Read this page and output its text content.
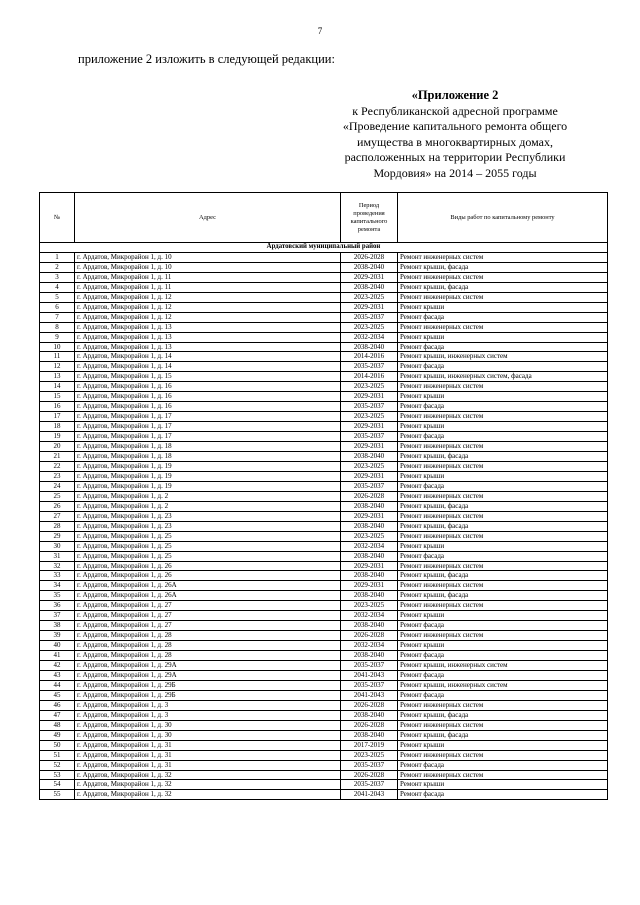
7
приложение 2 изложить в следующей редакции:
«Приложение 2
к Республиканской адресной программе
«Проведение капитального ремонта общего
имущества в многоквартирных домах,
расположенных на территории Республики
Мордовия» на 2014 – 2055 годы
№	Адрес	Период
проведения
капитального
ремонта	Виды работ по капитальному ремонту
Ардатовский муниципальный район			
1	г. Ардатов, Микрорайон 1, д. 10	2026-2028	Ремонт инженерных систем
2	г. Ардатов, Микрорайон 1, д. 10	2038-2040	Ремонт крыши, фасада
3	г. Ардатов, Микрорайон 1, д. 11	2029-2031	Ремонт инженерных систем
4	г. Ардатов, Микрорайон 1, д. 11	2038-2040	Ремонт крыши, фасада
5	г. Ардатов, Микрорайон 1, д. 12	2023-2025	Ремонт инженерных систем
6	г. Ардатов, Микрорайон 1, д. 12	2029-2031	Ремонт крыши
7	г. Ардатов, Микрорайон 1, д. 12	2035-2037	Ремонт фасада
8	г. Ардатов, Микрорайон 1, д. 13	2023-2025	Ремонт инженерных систем
9	г. Ардатов, Микрорайон 1, д. 13	2032-2034	Ремонт крыши
10	г. Ардатов, Микрорайон 1, д. 13	2038-2040	Ремонт фасада
11	г. Ардатов, Микрорайон 1, д. 14	2014-2016	Ремонт крыши, инженерных систем
12	г. Ардатов, Микрорайон 1, д. 14	2035-2037	Ремонт фасада
13	г. Ардатов, Микрорайон 1, д. 15	2014-2016	Ремонт крыши, инженерных систем, фасада
14	г. Ардатов, Микрорайон 1, д. 16	2023-2025	Ремонт инженерных систем
15	г. Ардатов, Микрорайон 1, д. 16	2029-2031	Ремонт крыши
16	г. Ардатов, Микрорайон 1, д. 16	2035-2037	Ремонт фасада
17	г. Ардатов, Микрорайон 1, д. 17	2023-2025	Ремонт инженерных систем
18	г. Ардатов, Микрорайон 1, д. 17	2029-2031	Ремонт крыши
19	г. Ардатов, Микрорайон 1, д. 17	2035-2037	Ремонт фасада
20	г. Ардатов, Микрорайон 1, д. 18	2029-2031	Ремонт инженерных систем
21	г. Ардатов, Микрорайон 1, д. 18	2038-2040	Ремонт крыши, фасада
22	г. Ардатов, Микрорайон 1, д. 19	2023-2025	Ремонт инженерных систем
23	г. Ардатов, Микрорайон 1, д. 19	2029-2031	Ремонт крыши
24	г. Ардатов, Микрорайон 1, д. 19	2035-2037	Ремонт фасада
25	г. Ардатов, Микрорайон 1, д. 2	2026-2028	Ремонт инженерных систем
26	г. Ардатов, Микрорайон 1, д. 2	2038-2040	Ремонт крыши, фасада
27	г. Ардатов, Микрорайон 1, д. 23	2029-2031	Ремонт инженерных систем
28	г. Ардатов, Микрорайон 1, д. 23	2038-2040	Ремонт крыши, фасада
29	г. Ардатов, Микрорайон 1, д. 25	2023-2025	Ремонт инженерных систем
30	г. Ардатов, Микрорайон 1, д. 25	2032-2034	Ремонт крыши
31	г. Ардатов, Микрорайон 1, д. 25	2038-2040	Ремонт фасада
32	г. Ардатов, Микрорайон 1, д. 26	2029-2031	Ремонт инженерных систем
33	г. Ардатов, Микрорайон 1, д. 26	2038-2040	Ремонт крыши, фасада
34	г. Ардатов, Микрорайон 1, д. 26А	2029-2031	Ремонт инженерных систем
35	г. Ардатов, Микрорайон 1, д. 26А	2038-2040	Ремонт крыши, фасада
36	г. Ардатов, Микрорайон 1, д. 27	2023-2025	Ремонт инженерных систем
37	г. Ардатов, Микрорайон 1, д. 27	2032-2034	Ремонт крыши
38	г. Ардатов, Микрорайон 1, д. 27	2038-2040	Ремонт фасада
39	г. Ардатов, Микрорайон 1, д. 28	2026-2028	Ремонт инженерных систем
40	г. Ардатов, Микрорайон 1, д. 28	2032-2034	Ремонт крыши
41	г. Ардатов, Микрорайон 1, д. 28	2038-2040	Ремонт фасада
42	г. Ардатов, Микрорайон 1, д. 29А	2035-2037	Ремонт крыши, инженерных систем
43	г. Ардатов, Микрорайон 1, д. 29А	2041-2043	Ремонт фасада
44	г. Ардатов, Микрорайон 1, д. 29Б	2035-2037	Ремонт крыши, инженерных систем
45	г. Ардатов, Микрорайон 1, д. 29Б	2041-2043	Ремонт фасада
46	г. Ардатов, Микрорайон 1, д. 3	2026-2028	Ремонт инженерных систем
47	г. Ардатов, Микрорайон 1, д. 3	2038-2040	Ремонт крыши, фасада
48	г. Ардатов, Микрорайон 1, д. 30	2026-2028	Ремонт инженерных систем
49	г. Ардатов, Микрорайон 1, д. 30	2038-2040	Ремонт крыши, фасада
50	г. Ардатов, Микрорайон 1, д. 31	2017-2019	Ремонт крыши
51	г. Ардатов, Микрорайон 1, д. 31	2023-2025	Ремонт инженерных систем
52	г. Ардатов, Микрорайон 1, д. 31	2035-2037	Ремонт фасада
53	г. Ардатов, Микрорайон 1, д. 32	2026-2028	Ремонт инженерных систем
54	г. Ардатов, Микрорайон 1, д. 32	2035-2037	Ремонт крыши
55	г. Ардатов, Микрорайон 1, д. 32	2041-2043	Ремонт фасада
